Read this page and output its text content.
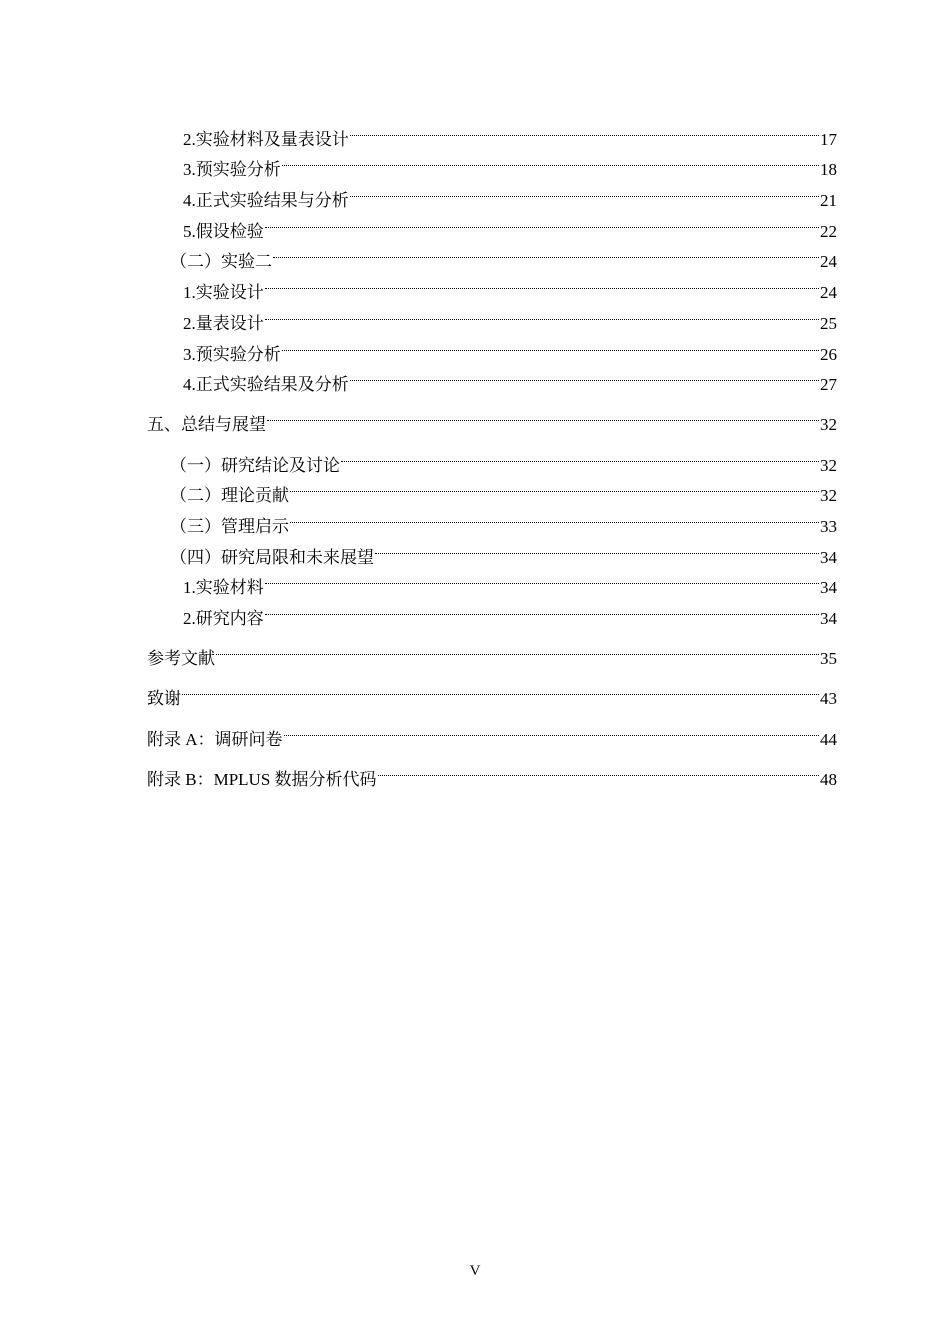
2.实验材料及量表设计	17
3.预实验分析	18
4.正式实验结果与分析	21
5.假设检验	22
（二）实验二	24
1.实验设计	24
2.量表设计	25
3.预实验分析	26
4.正式实验结果及分析	27
五、总结与展望	32
（一）研究结论及讨论	32
（二）理论贡献	32
（三）管理启示	33
（四）研究局限和未来展望	34
1.实验材料	34
2.研究内容	34
参考文献	35
致谢	43
附录 A：调研问卷	44
附录 B：MPLUS 数据分析代码	48
V
